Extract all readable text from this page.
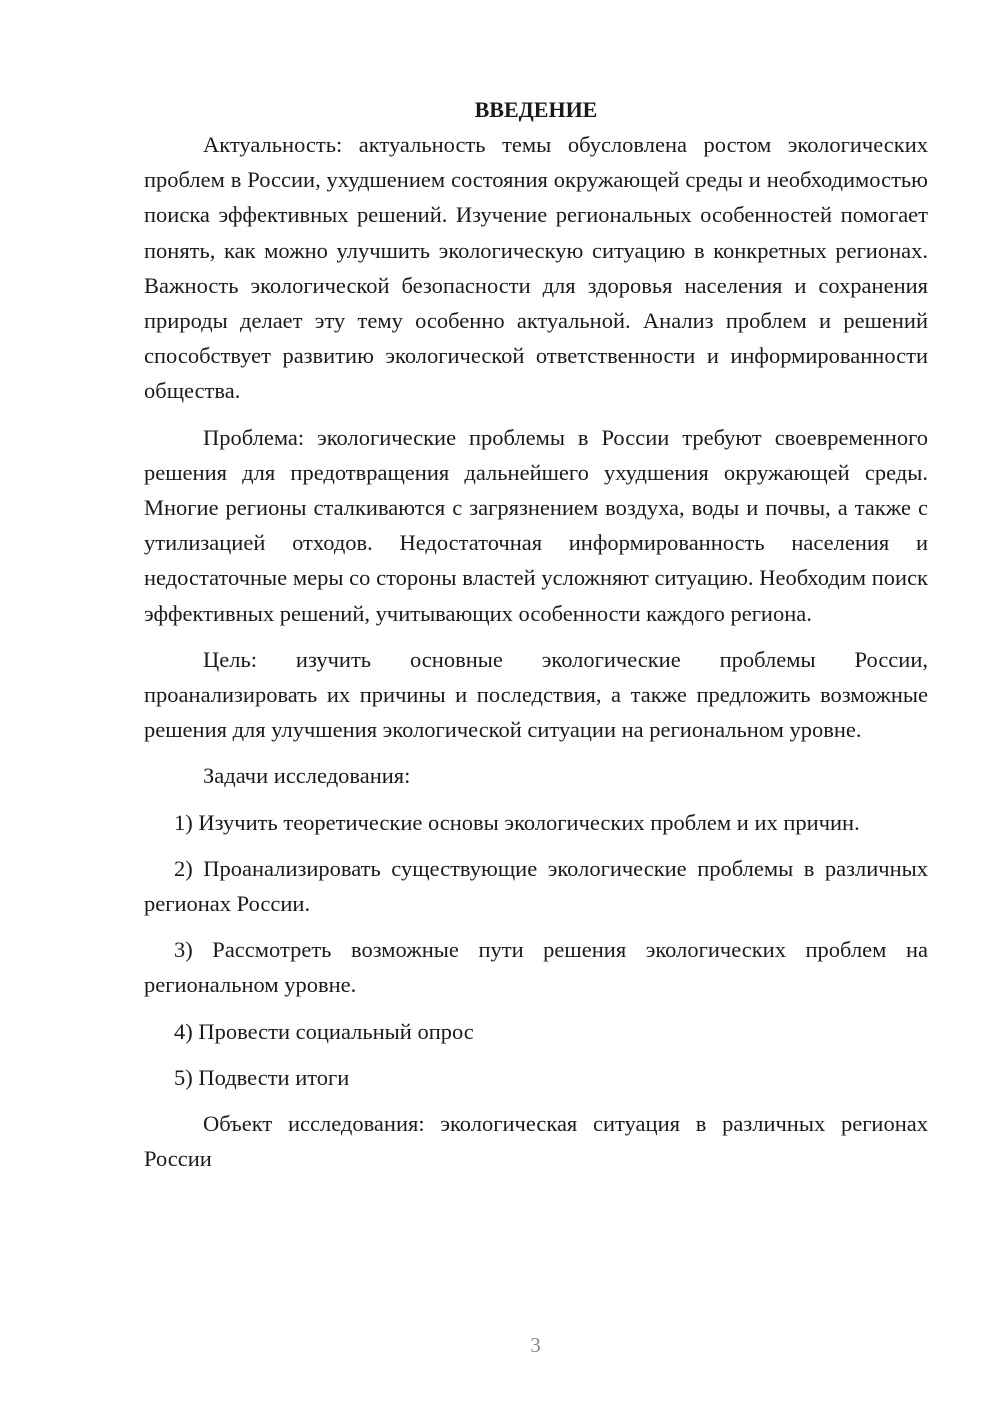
ВВЕДЕНИЕ

Актуальность: актуальность темы обусловлена ростом экологических проблем в России, ухудшением состояния окружающей среды и необходимостью поиска эффективных решений. Изучение региональных особенностей помогает понять, как можно улучшить экологическую ситуацию в конкретных регионах. Важность экологической безопасности для здоровья населения и сохранения природы делает эту тему особенно актуальной. Анализ проблем и решений способствует развитию экологической ответственности и информированности общества.

Проблема: экологические проблемы в России требуют своевременного решения для предотвращения дальнейшего ухудшения окружающей среды. Многие регионы сталкиваются с загрязнением воздуха, воды и почвы, а также с утилизацией отходов. Недостаточная информированность населения и недостаточные меры со стороны властей усложняют ситуацию. Необходим поиск эффективных решений, учитывающих особенности каждого региона.

Цель: изучить основные экологические проблемы России, проанализировать их причины и последствия, а также предложить возможные решения для улучшения экологической ситуации на региональном уровне.

Задачи исследования:

1) Изучить теоретические основы экологических проблем и их причин.

2) Проанализировать существующие экологические проблемы в различных регионах России.

3) Рассмотреть возможные пути решения экологических проблем на региональном уровне.

4) Провести социальный опрос

5) Подвести итоги

Объект исследования: экологическая ситуация в различных регионах России

3
